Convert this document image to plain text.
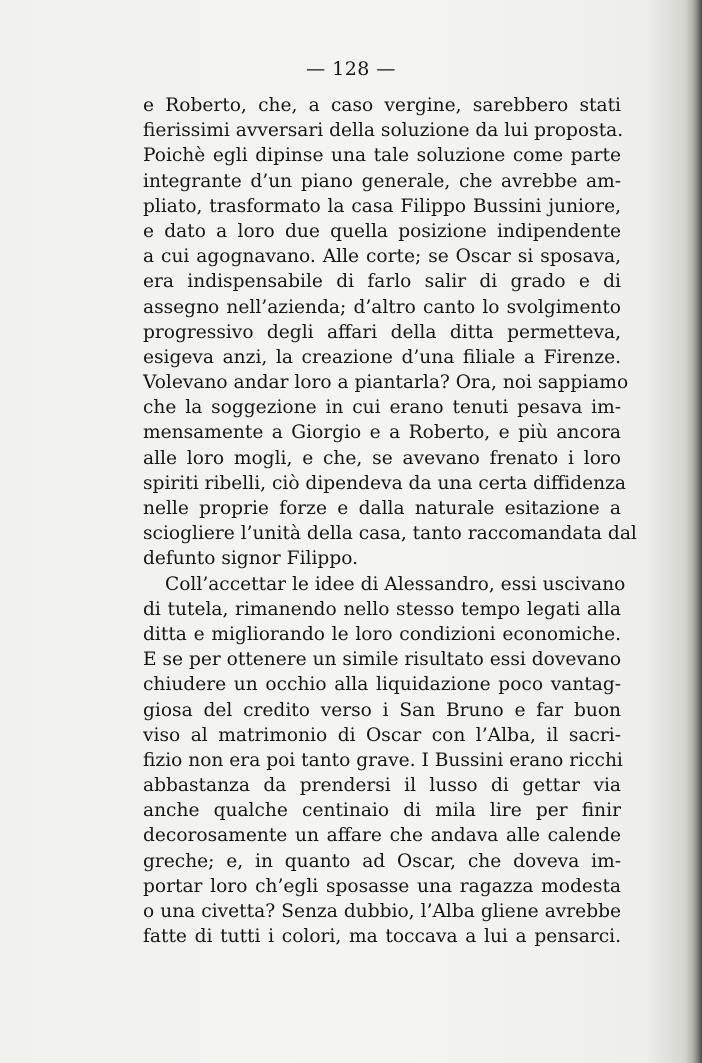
— 128 —
e Roberto, che, a caso vergine, sarebbero stati
fierissimi avversari della soluzione da lui proposta.
Poichè egli dipinse una tale soluzione come parte
integrante d’un piano generale, che avrebbe am-
pliato, trasformato la casa Filippo Bussini juniore,
e dato a loro due quella posizione indipendente
a cui agognavano. Alle corte; se Oscar si sposava,
era indispensabile di farlo salir di grado e di
assegno nell’azienda; d’altro canto lo svolgimento
progressivo degli affari della ditta permetteva,
esigeva anzi, la creazione d’una filiale a Firenze.
Volevano andar loro a piantarla? Ora, noi sappiamo
che la soggezione in cui erano tenuti pesava im-
mensamente a Giorgio e a Roberto, e più ancora
alle loro mogli, e che, se avevano frenato i loro
spiriti ribelli, ciò dipendeva da una certa diffidenza
nelle proprie forze e dalla naturale esitazione a
sciogliere l’unità della casa, tanto raccomandata dal
defunto signor Filippo.
Coll’accettar le idee di Alessandro, essi uscivano
di tutela, rimanendo nello stesso tempo legati alla
ditta e migliorando le loro condizioni economiche.
E se per ottenere un simile risultato essi dovevano
chiudere un occhio alla liquidazione poco vantag-
giosa del credito verso i San Bruno e far buon
viso al matrimonio di Oscar con l’Alba, il sacri-
fizio non era poi tanto grave. I Bussini erano ricchi
abbastanza da prendersi il lusso di gettar via
anche qualche centinaio di mila lire per finir
decorosamente un affare che andava alle calende
greche; e, in quanto ad Oscar, che doveva im-
portar loro ch’egli sposasse una ragazza modesta
o una civetta? Senza dubbio, l’Alba gliene avrebbe
fatte di tutti i colori, ma toccava a lui a pensarci.
